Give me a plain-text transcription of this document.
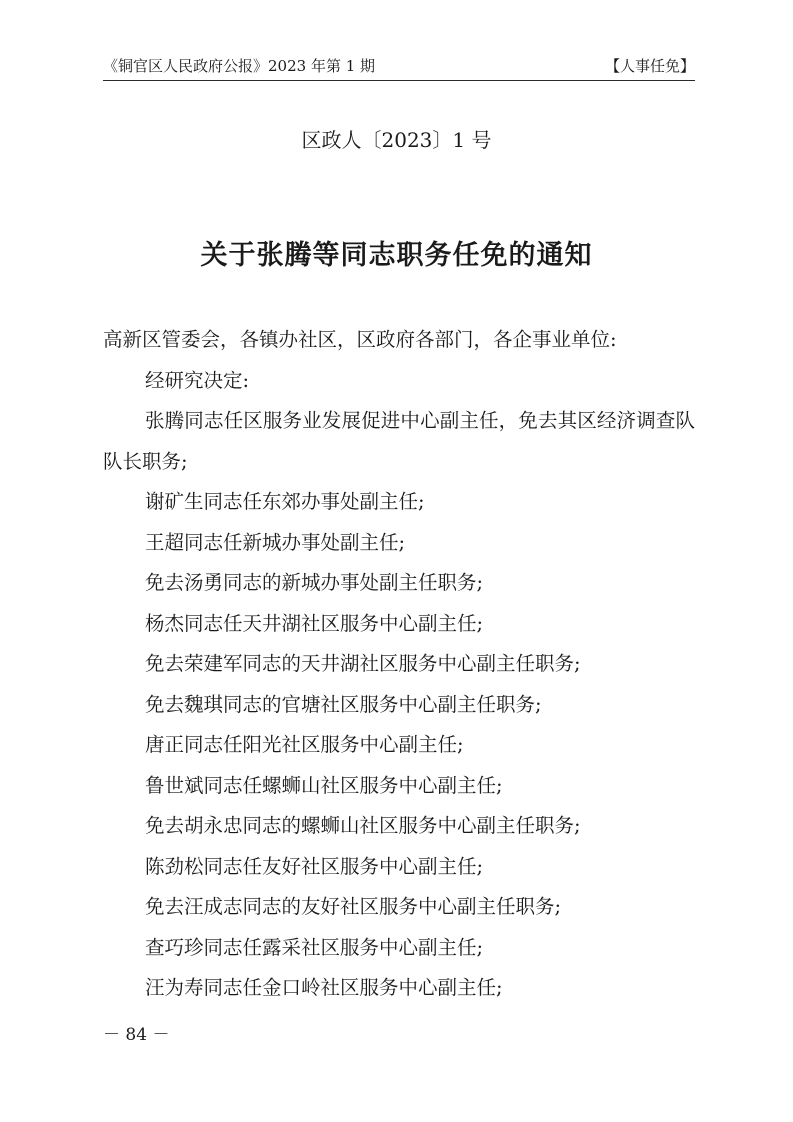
《铜官区人民政府公报》2023 年第 1 期	【人事任免】
区政人〔2023〕1 号
关于张腾等同志职务任免的通知

高新区管委会，各镇办社区，区政府各部门，各企事业单位:

经研究决定:

张腾同志任区服务业发展促进中心副主任，免去其区经济调查队队长职务;

谢矿生同志任东郊办事处副主任;

王超同志任新城办事处副主任;

免去汤勇同志的新城办事处副主任职务;

杨杰同志任天井湖社区服务中心副主任;

免去荣建军同志的天井湖社区服务中心副主任职务;

免去魏琪同志的官塘社区服务中心副主任职务;

唐正同志任阳光社区服务中心副主任;

鲁世斌同志任螺蛳山社区服务中心副主任;

免去胡永忠同志的螺蛳山社区服务中心副主任职务;

陈劲松同志任友好社区服务中心副主任;

免去汪成志同志的友好社区服务中心副主任职务;

查巧珍同志任露采社区服务中心副主任;

汪为寿同志任金口岭社区服务中心副主任;

－ 84 －
